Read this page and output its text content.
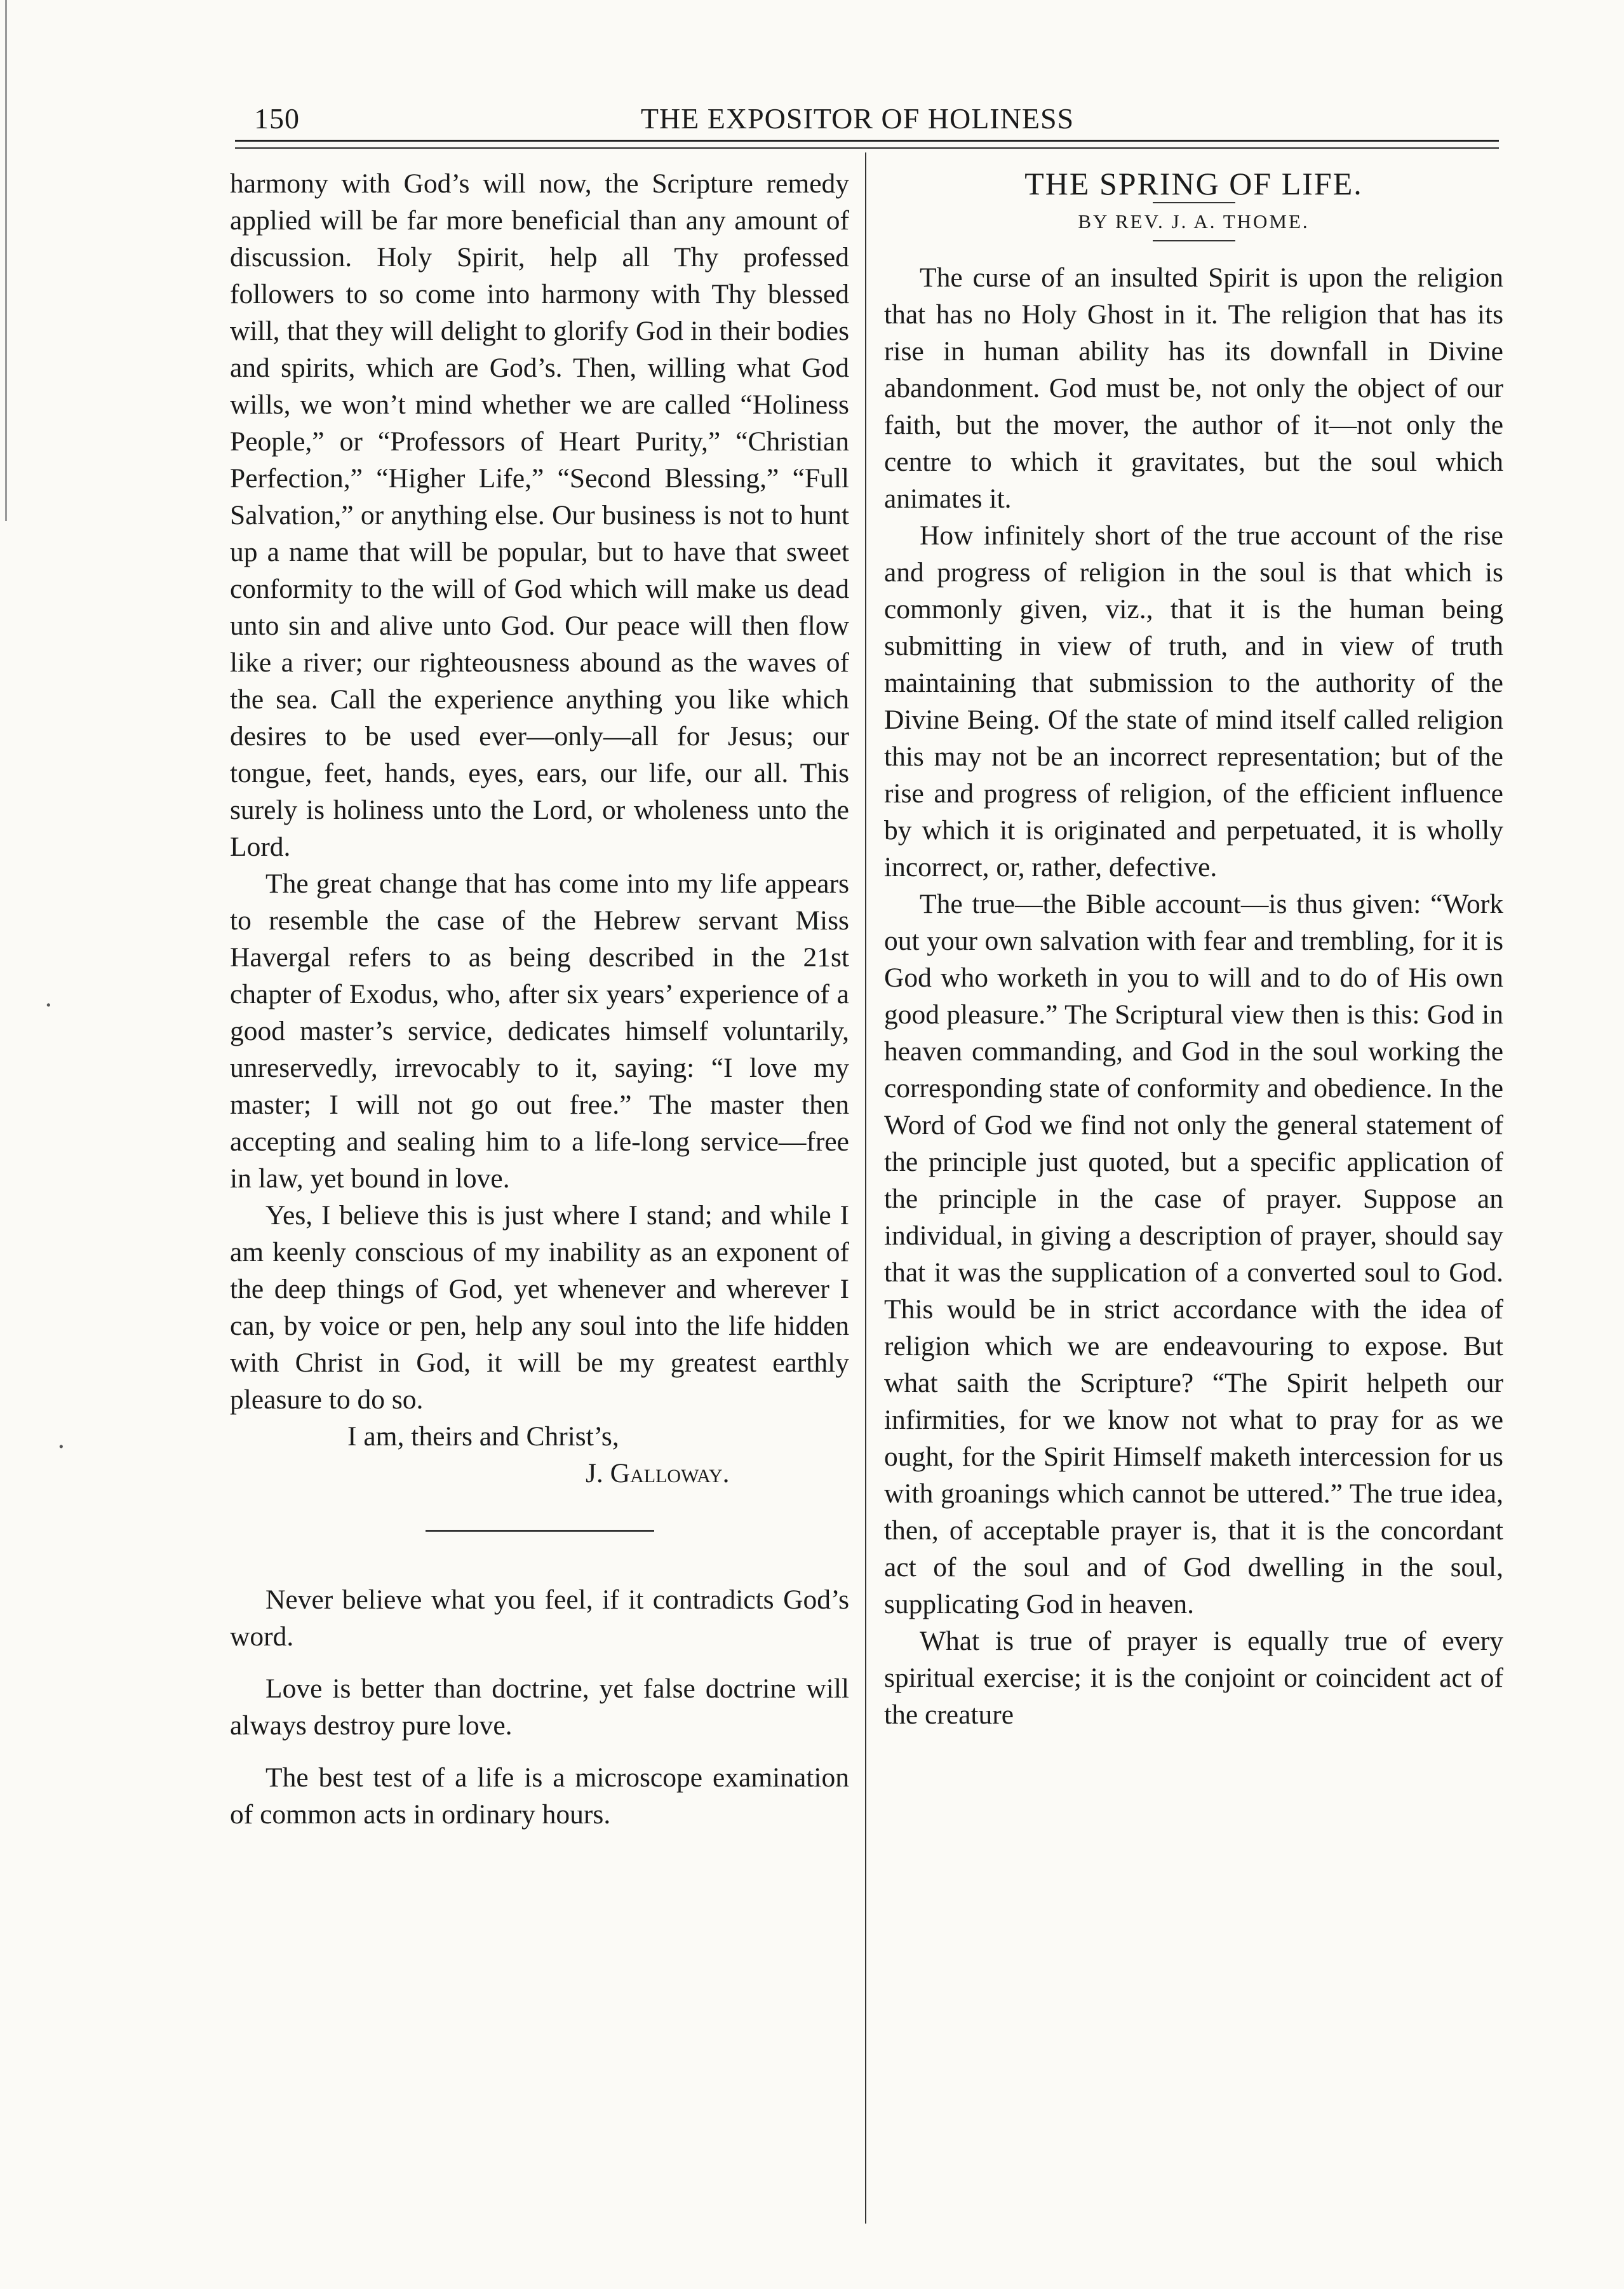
·
·
150	THE EXPOSITOR OF HOLINESS

harmony with God’s will now, the Scripture remedy applied will be far more beneficial than any amount of discussion. Holy Spirit, help all Thy professed followers to so come into harmony with Thy blessed will, that they will delight to glorify God in their bodies and spirits, which are God’s. Then, willing what God wills, we won’t mind whether we are called “Holiness People,” or “Professors of Heart Purity,” “Christian Perfection,” “Higher Life,” “Second Blessing,” “Full Salvation,” or anything else. Our business is not to hunt up a name that will be popular, but to have that sweet conformity to the will of God which will make us dead unto sin and alive unto God. Our peace will then flow like a river; our righteousness abound as the waves of the sea. Call the experience anything you like which desires to be used ever—only—all for Jesus; our tongue, feet, hands, eyes, ears, our life, our all. This surely is holiness unto the Lord, or wholeness unto the Lord.

The great change that has come into my life appears to resemble the case of the Hebrew servant Miss Havergal refers to as being described in the 21st chapter of Exodus, who, after six years’ experience of a good master’s service, dedicates himself voluntarily, unreservedly, irrevocably to it, saying: “I love my master; I will not go out free.” The master then accepting and sealing him to a life-long service—free in law, yet bound in love.

Yes, I believe this is just where I stand; and while I am keenly conscious of my inability as an exponent of the deep things of God, yet whenever and wherever I can, by voice or pen, help any soul into the life hidden with Christ in God, it will be my greatest earthly pleasure to do so.

I am, theirs and Christ’s,

J. Galloway.

Never believe what you feel, if it contradicts God’s word.

Love is better than doctrine, yet false doctrine will always destroy pure love.

The best test of a life is a microscope examination of common acts in ordinary hours.

THE SPRING OF LIFE.

BY REV. J. A. THOME.

The curse of an insulted Spirit is upon the religion that has no Holy Ghost in it. The religion that has its rise in human ability has its downfall in Divine abandonment. God must be, not only the object of our faith, but the mover, the author of it—not only the centre to which it gravitates, but the soul which animates it.

How infinitely short of the true account of the rise and progress of religion in the soul is that which is commonly given, viz., that it is the human being submitting in view of truth, and in view of truth maintaining that submission to the authority of the Divine Being. Of the state of mind itself called religion this may not be an incorrect representation; but of the rise and progress of religion, of the efficient influence by which it is originated and perpetuated, it is wholly incorrect, or, rather, defective.

The true—the Bible account—is thus given: “Work out your own salvation with fear and trembling, for it is God who worketh in you to will and to do of His own good pleasure.” The Scriptural view then is this: God in heaven commanding, and God in the soul working the corresponding state of conformity and obedience. In the Word of God we find not only the general statement of the principle just quoted, but a specific application of the principle in the case of prayer. Suppose an individual, in giving a description of prayer, should say that it was the supplication of a converted soul to God. This would be in strict accordance with the idea of religion which we are endeavouring to expose. But what saith the Scripture? “The Spirit helpeth our infirmities, for we know not what to pray for as we ought, for the Spirit Himself maketh intercession for us with groanings which cannot be uttered.” The true idea, then, of acceptable prayer is, that it is the concordant act of the soul and of God dwelling in the soul, supplicating God in heaven.

What is true of prayer is equally true of every spiritual exercise; it is the conjoint or coincident act of the creature
